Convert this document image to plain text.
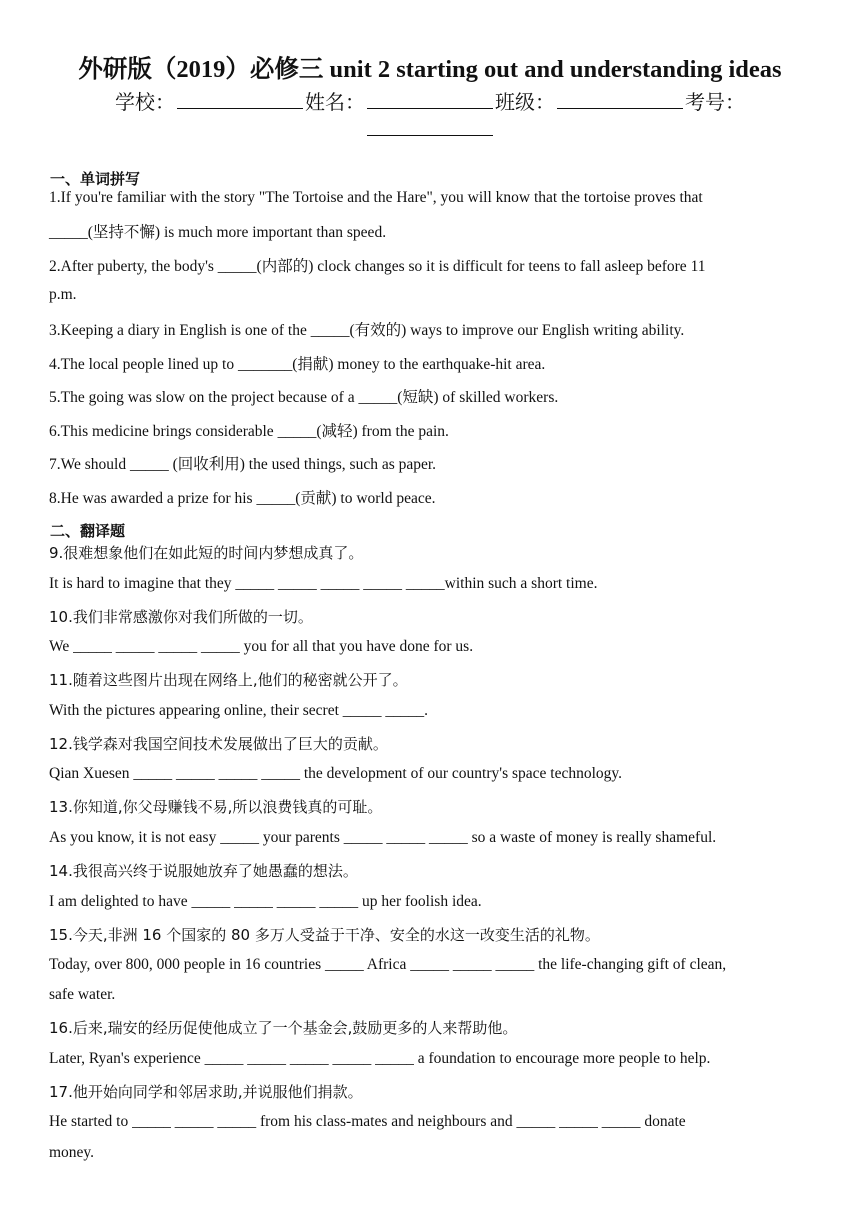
外研版（2019）必修三 unit 2 starting out and understanding ideas
学校：	姓名：	班级：	考号：
一、单词拼写
1.If you're familiar with the story "The Tortoise and the Hare", you will know that the tortoise proves that
_____(坚持不懈) is much more important than speed.
2.After puberty, the body's _____(内部的) clock changes so it is difficult for teens to fall asleep before 11
p.m.
3.Keeping a diary in English is one of the _____(有效的) ways to improve our English writing ability.
4.The local people lined up to _______(捐献) money to the earthquake-hit area.
5.The going was slow on the project because of a _____(短缺) of skilled workers.
6.This medicine brings considerable _____(减轻) from the pain.
7.We should _____ (回收利用) the used things, such as paper.
8.He was awarded a prize for his _____(贡献) to world peace.
二、翻译题
9.很难想象他们在如此短的时间内梦想成真了。
It is hard to imagine that they _____ _____ _____ _____ _____within such a short time.
10.我们非常感激你对我们所做的一切。
We _____ _____ _____ _____ you for all that you have done for us.
11.随着这些图片出现在网络上,他们的秘密就公开了。
With the pictures appearing online, their secret _____ _____.
12.钱学森对我国空间技术发展做出了巨大的贡献。
Qian Xuesen _____ _____ _____ _____ the development of our country's space technology.
13.你知道,你父母赚钱不易,所以浪费钱真的可耻。
As you know, it is not easy _____ your parents _____ _____ _____ so a waste of money is really shameful.
14.我很高兴终于说服她放弃了她愚蠢的想法。
I am delighted to have _____ _____ _____ _____ up her foolish idea.
15.今天,非洲 16 个国家的 80 多万人受益于干净、安全的水这一改变生活的礼物。
Today, over 800, 000 people in 16 countries _____ Africa _____ _____ _____ the life-changing gift of clean,
safe water.
16.后来,瑞安的经历促使他成立了一个基金会,鼓励更多的人来帮助他。
Later, Ryan's experience _____ _____ _____ _____ _____ a foundation to encourage more people to help.
17.他开始向同学和邻居求助,并说服他们捐款。
He started to _____ _____ _____ from his class-mates and neighbours and _____ _____ _____ donate
money.
